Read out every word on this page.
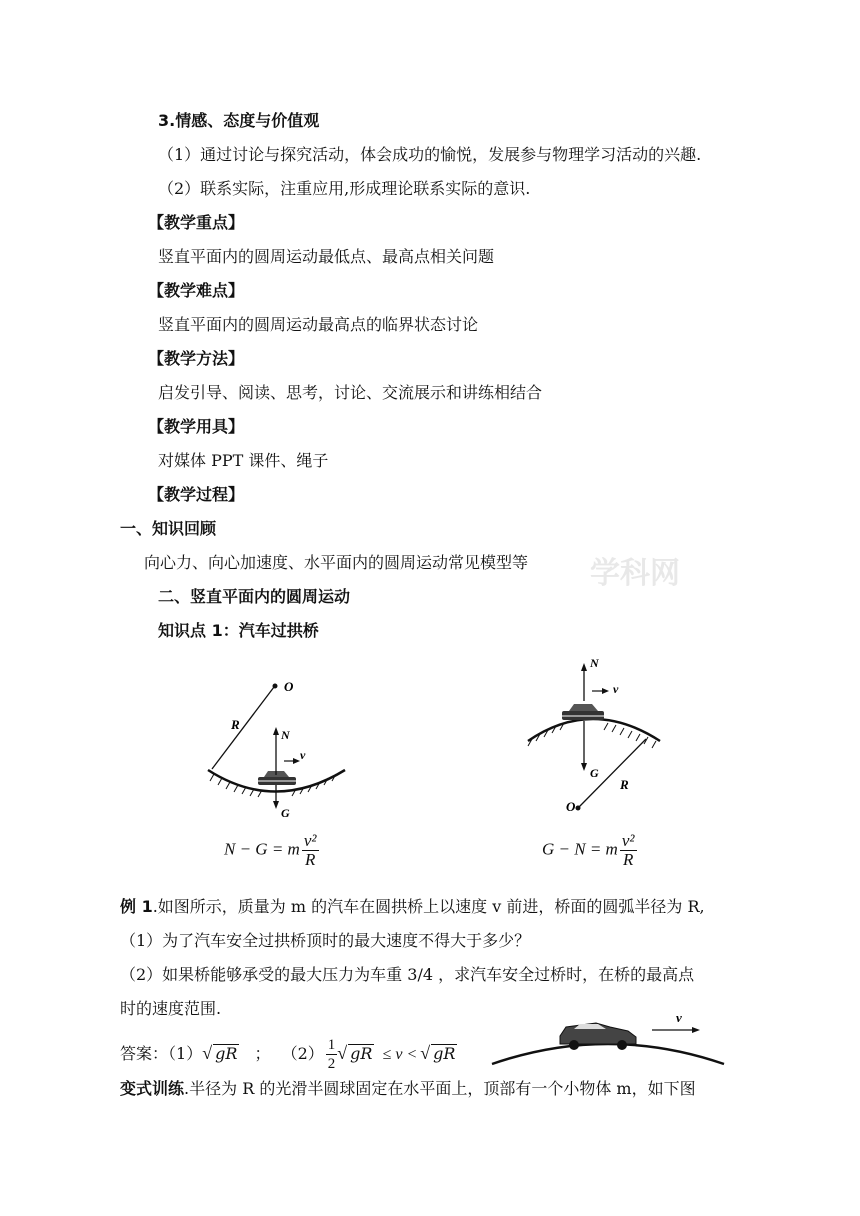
3.情感、态度与价值观
（1）通过讨论与探究活动，体会成功的愉悦，发展参与物理学习活动的兴趣.
（2）联系实际，注重应用,形成理论联系实际的意识.
【教学重点】
竖直平面内的圆周运动最低点、最高点相关问题
【教学难点】
竖直平面内的圆周运动最高点的临界状态讨论
【教学方法】
启发引导、阅读、思考，讨论、交流展示和讲练相结合
【教学用具】
对媒体 PPT 课件、绳子
【教学过程】
一、知识回顾
向心力、向心加速度、水平面内的圆周运动常见模型等 学科网
二、竖直平面内的圆周运动
知识点 1：汽车过拱桥
O
R
N
v
G
N − G = m $\frac{\text{v²}}{R}$
N
v
G
R
O
G − N = m $\frac{\text{v²}}{R}$
例 1.如图所示，质量为 m 的汽车在圆拱桥上以速度 v 前进，桥面的圆弧半径为 R,
（1）为了汽车安全过拱桥顶时的最大速度不得大于多少？
（2）如果桥能够承受的最大压力为车重 3/4 ，求汽车安全过桥时，在桥的最高点
时的速度范围.
答案：（1）√ gR ； $(2) \frac{1}{2}$ √ gR ≤ v < √ gR
v
变式训练.半径为 R 的光滑半圆球固定在水平面上，顶部有一个小物体 m，如下图
